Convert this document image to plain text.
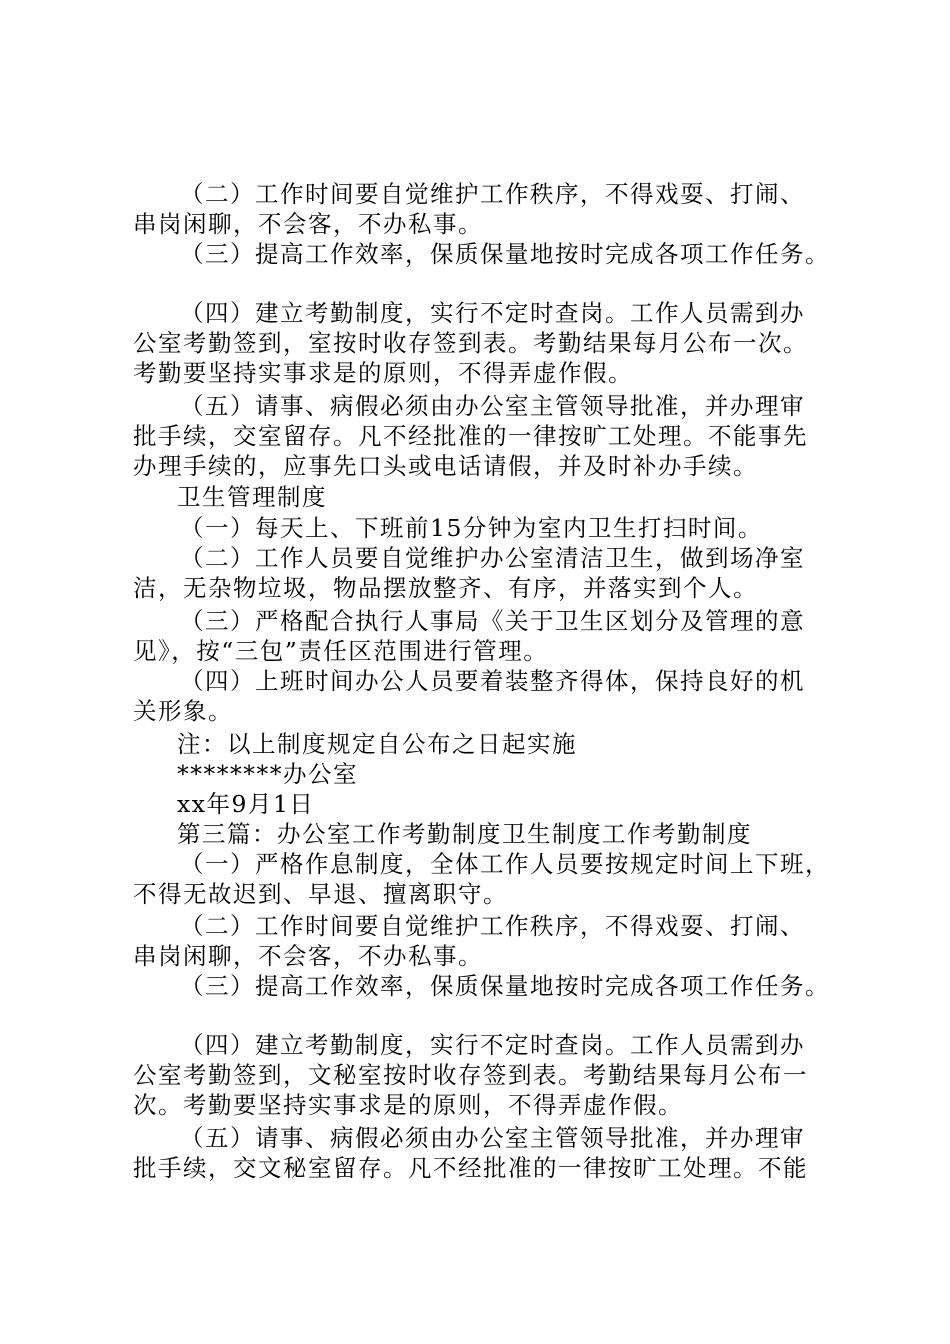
（二）工作时间要自觉维护工作秩序，不得戏耍、打闹、
串岗闲聊，不会客，不办私事。
（三）提高工作效率，保质保量地按时完成各项工作任务。
（四）建立考勤制度，实行不定时查岗。工作人员需到办
公室考勤签到，室按时收存签到表。考勤结果每月公布一次。
考勤要坚持实事求是的原则，不得弄虚作假。
（五）请事、病假必须由办公室主管领导批准，并办理审
批手续，交室留存。凡不经批准的一律按旷工处理。不能事先
办理手续的，应事先口头或电话请假，并及时补办手续。
卫生管理制度
（一）每天上、下班前15分钟为室内卫生打扫时间。
（二）工作人员要自觉维护办公室清洁卫生，做到场净室
洁，无杂物垃圾，物品摆放整齐、有序，并落实到个人。
（三）严格配合执行人事局《关于卫生区划分及管理的意
见》，按“三包”责任区范围进行管理。
（四）上班时间办公人员要着装整齐得体，保持良好的机
关形象。
注：以上制度规定自公布之日起实施
********办公室
xx年9月1日
第三篇：办公室工作考勤制度卫生制度工作考勤制度
（一）严格作息制度，全体工作人员要按规定时间上下班，
不得无故迟到、早退、擅离职守。
（二）工作时间要自觉维护工作秩序，不得戏耍、打闹、
串岗闲聊，不会客，不办私事。
（三）提高工作效率，保质保量地按时完成各项工作任务。
（四）建立考勤制度，实行不定时查岗。工作人员需到办
公室考勤签到，文秘室按时收存签到表。考勤结果每月公布一
次。考勤要坚持实事求是的原则，不得弄虚作假。
（五）请事、病假必须由办公室主管领导批准，并办理审
批手续，交文秘室留存。凡不经批准的一律按旷工处理。不能
